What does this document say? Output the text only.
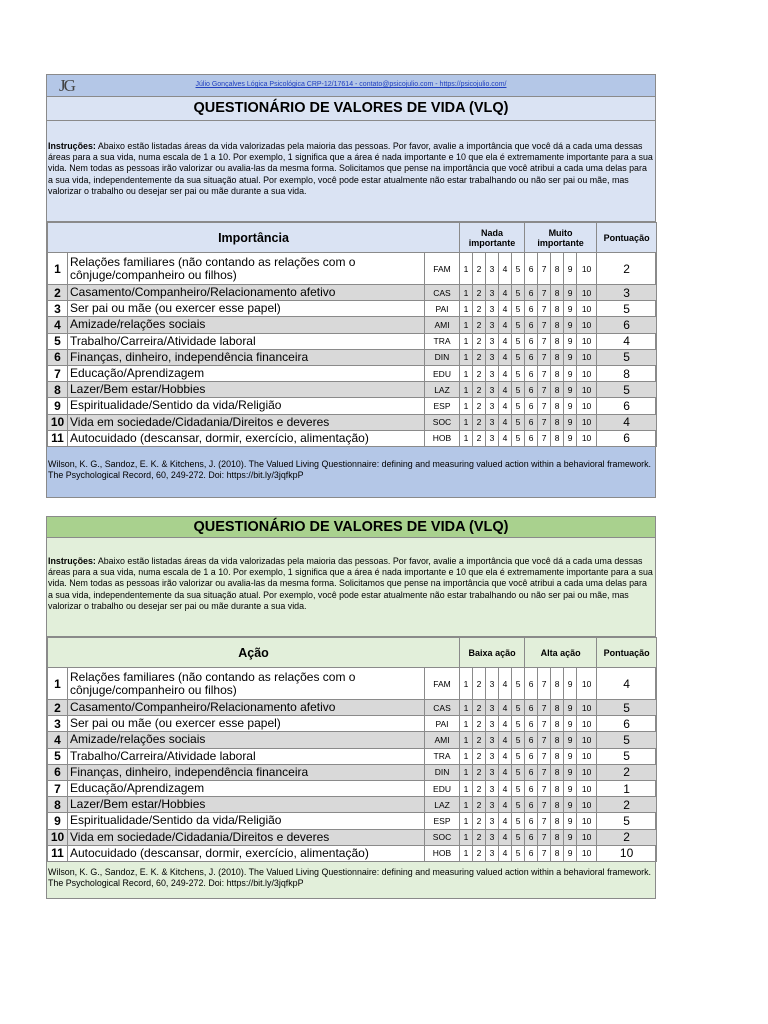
JG	Júlio Gonçalves Lógica Psicológica CRP-12/17614 - contato@psicojulio.com - https://psicojulio.com/
QUESTIONÁRIO DE VALORES DE VIDA (VLQ)
Instruções: Abaixo estão listadas áreas da vida valorizadas pela maioria das pessoas. Por favor, avalie a importância que você dá a cada uma dessas áreas para a sua vida, numa escala de 1 a 10. Por exemplo, 1 significa que a área é nada importante e 10 que ela é extremamente importante para a sua vida. Nem todas as pessoas irão valorizar ou avalia-las da mesma forma. Solicitamos que pense na importância que você atribui a cada uma delas para a sua vida, independentemente da sua situação atual. Por exemplo, você pode estar atualmente não estar trabalhando ou não ser pai ou mãe, mas valorizar o trabalho ou desejar ser pai ou mãe durante a sua vida.
Importância			Nada importante					Muito importante					Pontuação
1	Relações familiares (não contando as relações com o cônjuge/companheiro ou filhos)	FAM	1	2	3	4	5	6	7	8	9	10	2
2	Casamento/Companheiro/Relacionamento afetivo	CAS	1	2	3	4	5	6	7	8	9	10	3
3	Ser pai ou mãe (ou exercer esse papel)	PAI	1	2	3	4	5	6	7	8	9	10	5
4	Amizade/relações sociais	AMI	1	2	3	4	5	6	7	8	9	10	6
5	Trabalho/Carreira/Atividade laboral	TRA	1	2	3	4	5	6	7	8	9	10	4
6	Finanças, dinheiro, independência financeira	DIN	1	2	3	4	5	6	7	8	9	10	5
7	Educação/Aprendizagem	EDU	1	2	3	4	5	6	7	8	9	10	8
8	Lazer/Bem estar/Hobbies	LAZ	1	2	3	4	5	6	7	8	9	10	5
9	Espiritualidade/Sentido da vida/Religião	ESP	1	2	3	4	5	6	7	8	9	10	6
10	Vida em sociedade/Cidadania/Direitos e deveres	SOC	1	2	3	4	5	6	7	8	9	10	4
11	Autocuidado (descansar, dormir, exercício, alimentação)	HOB	1	2	3	4	5	6	7	8	9	10	6
Wilson, K. G., Sandoz, E. K. & Kitchens, J. (2010). The Valued Living Questionnaire: defining and measuring valued action within a behavioral framework. The Psychological Record, 60, 249-272. Doi: https://bit.ly/3jqfkpP
QUESTIONÁRIO DE VALORES DE VIDA (VLQ)
Instruções: Abaixo estão listadas áreas da vida valorizadas pela maioria das pessoas. Por favor, avalie a importância que você dá a cada uma dessas áreas para a sua vida, numa escala de 1 a 10. Por exemplo, 1 significa que a área é nada importante e 10 que ela é extremamente importante para a sua vida. Nem todas as pessoas irão valorizar ou avalia-las da mesma forma. Solicitamos que pense na importância que você atribui a cada uma delas para a sua vida, independentemente da sua situação atual. Por exemplo, você pode estar atualmente não estar trabalhando ou não ser pai ou mãe, mas valorizar o trabalho ou desejar ser pai ou mãe durante a sua vida.
Ação			Baixa ação					Alta ação					Pontuação
1	Relações familiares (não contando as relações com o cônjuge/companheiro ou filhos)	FAM	1	2	3	4	5	6	7	8	9	10	4
2	Casamento/Companheiro/Relacionamento afetivo	CAS	1	2	3	4	5	6	7	8	9	10	5
3	Ser pai ou mãe (ou exercer esse papel)	PAI	1	2	3	4	5	6	7	8	9	10	6
4	Amizade/relações sociais	AMI	1	2	3	4	5	6	7	8	9	10	5
5	Trabalho/Carreira/Atividade laboral	TRA	1	2	3	4	5	6	7	8	9	10	5
6	Finanças, dinheiro, independência financeira	DIN	1	2	3	4	5	6	7	8	9	10	2
7	Educação/Aprendizagem	EDU	1	2	3	4	5	6	7	8	9	10	1
8	Lazer/Bem estar/Hobbies	LAZ	1	2	3	4	5	6	7	8	9	10	2
9	Espiritualidade/Sentido da vida/Religião	ESP	1	2	3	4	5	6	7	8	9	10	5
10	Vida em sociedade/Cidadania/Direitos e deveres	SOC	1	2	3	4	5	6	7	8	9	10	2
11	Autocuidado (descansar, dormir, exercício, alimentação)	HOB	1	2	3	4	5	6	7	8	9	10	10
Wilson, K. G., Sandoz, E. K. & Kitchens, J. (2010). The Valued Living Questionnaire: defining and measuring valued action within a behavioral framework. The Psychological Record, 60, 249-272. Doi: https://bit.ly/3jqfkpP
